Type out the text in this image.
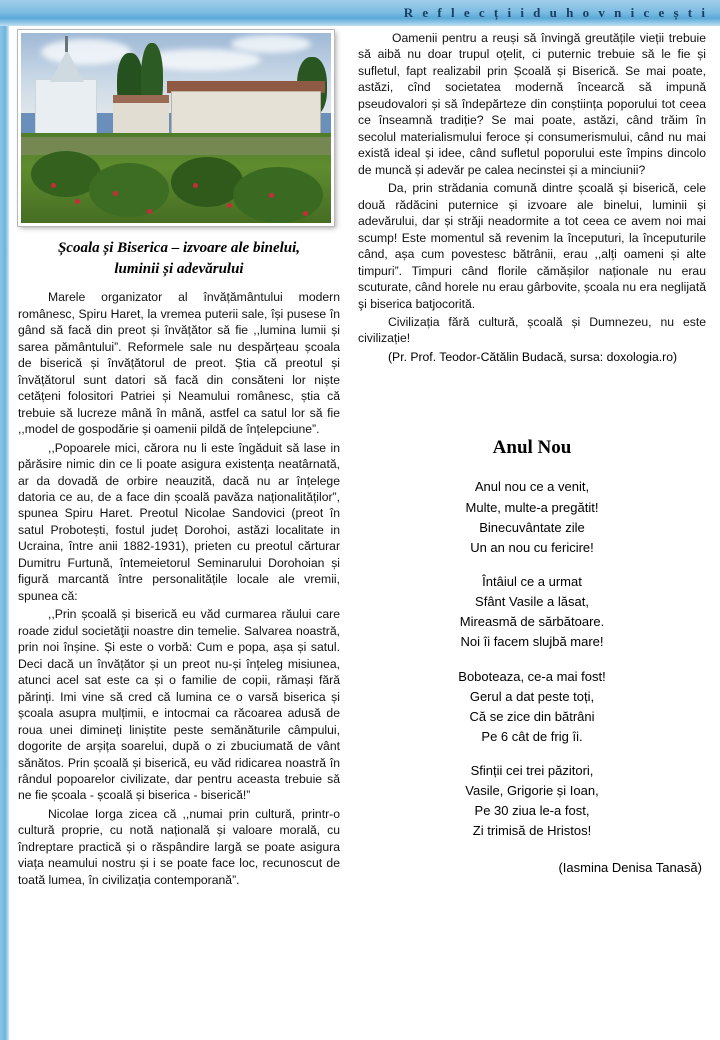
R e f l e c ț i i d u h o v n i c e ș t i
Școala și Biserica – izvoare ale binelui,
luminii și adevărului

Marele organizator al învățământului modern românesc, Spiru Haret, la vremea puterii sale, își pusese în gând să facă din preot și învățător să fie ,,lumina lumii și sarea pământului”. Reformele sale nu despărțeau școala de biserică și învățătorul de preot. Știa că preotul și învățătorul sunt datori să facă din consăteni lor niște cetățeni folositori Patriei și Neamului românesc, știa că trebuie să lucreze mână în mână, astfel ca satul lor să fie ,,model de gospodărie și oamenii pildă de înțelepciune”.

,,Popoarele mici, cărora nu li este îngăduit să lase in părăsire nimic din ce li poate asigura existența neatârnată, ar da dovadă de orbire neauzită, dacă nu ar înțelege datoria ce au, de a face din școală pavăza naționalităților”, spunea Spiru Haret. Preotul Nicolae Sandovici (preot în satul Probotești, fostul județ Dorohoi, astăzi localitate in Ucraina, între anii 1882-1931), prieten cu preotul cărturar Dumitru Furtună, întemeietorul Seminarului Dorohoian și figură marcantă între personalitățile locale ale vremii, spunea că:

,,Prin școală și biserică eu văd curmarea răului care roade zidul societăţii noastre din temelie. Salvarea noastră, prin noi înșine. Și este o vorbă: Cum e popa, așa și satul. Deci dacă un învățător și un preot nu-și înțeleg misiunea, atunci acel sat este ca și o familie de copii, rămași fără părinți. Imi vine să cred că lumina ce o varsă biserica și școala asupra mulțimii, e intocmai ca răcoarea adusă de roua unei dimineți liniștite peste semănăturile câmpului, dogorite de arșița soarelui, după o zi zbuciumată de vânt sănătos. Prin școală și biserică, eu văd ridicarea noastră în rândul popoarelor civilizate, dar pentru aceasta trebuie să ne fie școala - școală și biserica - biserică!”

Nicolae Iorga zicea că ,,numai prin cultură, printr-o cultură proprie, cu notă națională și valoare morală, cu îndreptare practică și o răspândire largă se poate asigura viața neamului nostru și i se poate face loc, recunoscut de toată lumea, în civilizația contemporană”.

Oamenii pentru a reuși să învingă greutățile vieții trebuie să aibă nu doar trupul oțelit, ci puternic trebuie să le fie și sufletul, fapt realizabil prin Școală și Biserică. Se mai poate, astăzi, cînd societatea modernă încearcă să impună pseudovalori și să îndepărteze din conștiința poporului tot ceea ce înseamnă tradiție? Se mai poate, astăzi, când trăim în secolul materialismului feroce și consumerismului, când nu mai există ideal și idee, când sufletul poporului este împins dincolo de muncă și adevăr pe calea necinstei și a minciunii?

Da, prin strădania comună dintre școală și biserică, cele două rădăcini puternice și izvoare ale binelui, luminii și adevărului, dar și străji neadormite a tot ceea ce avem noi mai scump! Este momentul să revenim la începuturi, la începuturile când, așa cum povestesc bătrânii, erau ,,alți oameni și alte timpuri”. Timpuri când florile cămășilor naționale nu erau scuturate, când horele nu erau gârbovite, școala nu era neglijată şi biserica batjocorită.

Civilizația fără cultură, școală și Dumnezeu, nu este civilizație!

(Pr. Prof. Teodor-Cătălin Budacă, sursa: doxologia.ro)

Anul Nou
Anul nou ce a venit,
Multe, multe-a pregătit!
Binecuvântate zile
Un an nou cu fericire!
Întâiul ce a urmat
Sfânt Vasile a lăsat,
Mireasmă de sărbătoare.
Noi îi facem slujbă mare!
Boboteaza, ce-a mai fost!
Gerul a dat peste toți,
Că se zice din bătrâni
Pe 6 cât de frig îi.
Sfinții cei trei păzitori,
Vasile, Grigorie și Ioan,
Pe 30 ziua le-a fost,
Zi trimisă de Hristos!
(Iasmina Denisa Tanasă)
